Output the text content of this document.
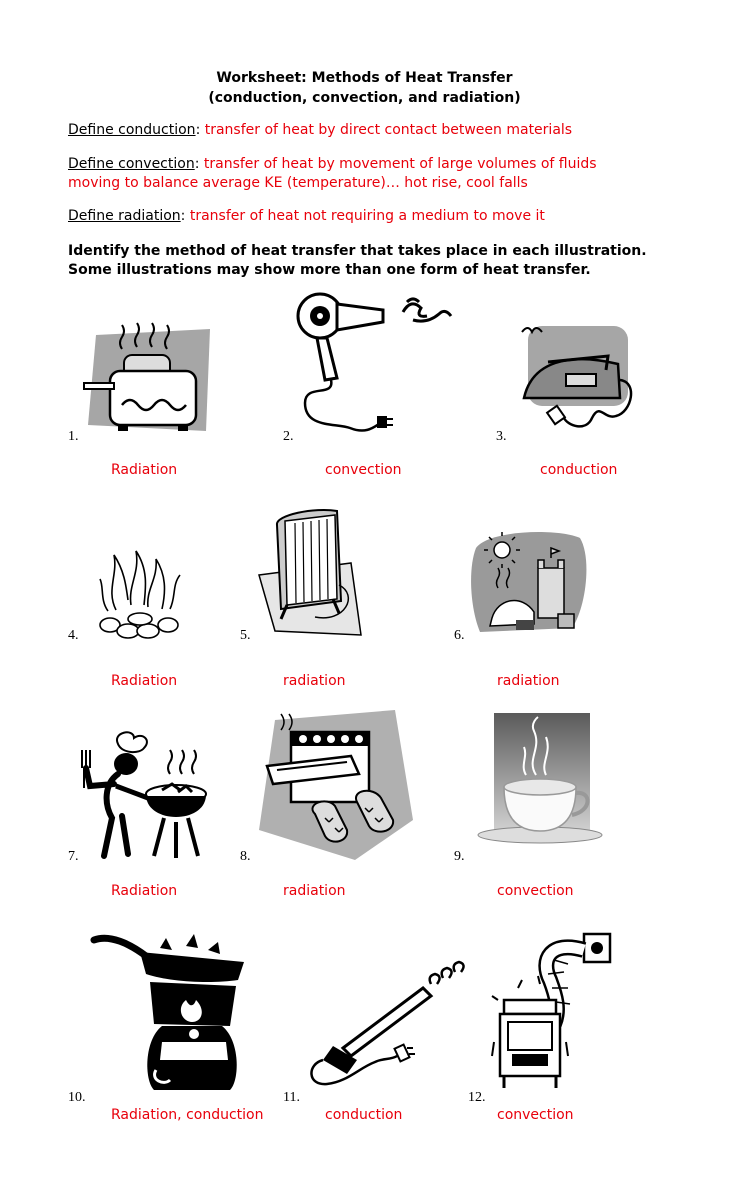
Worksheet: Methods of Heat Transfer
(conduction, convection, and radiation)
Define conduction: transfer of heat by direct contact between materials
Define convection: transfer of heat by movement of large volumes of fluids moving to balance average KE (temperature)… hot rise, cool falls
Define radiation: transfer of heat not requiring a medium to move it
Identify the method of heat transfer that takes place in each illustration. Some illustrations may show more than one form of heat transfer.
1.
Radiation
2.
convection
3.
conduction
4.
Radiation
5.
radiation
6.
radiation
7.
Radiation
8.
radiation
9.
convection
10.
Radiation, conduction
11.
conduction
12.
convection
